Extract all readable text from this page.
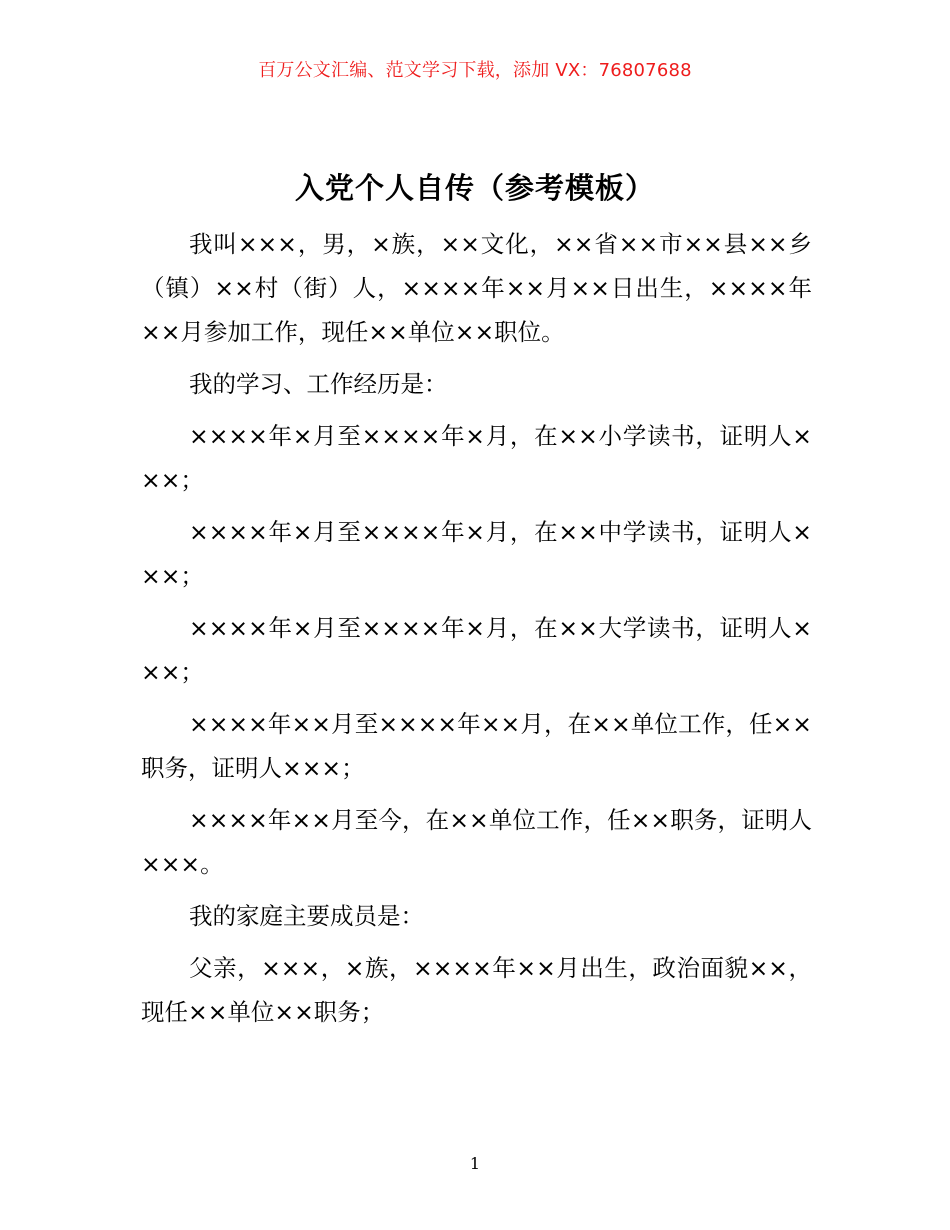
百万公文汇编、范文学习下载，添加 VX：76807688
入党个人自传（参考模板）

我叫×××，男，×族，××文化，××省××市××县××乡（镇）××村（街）人，××××年××月××日出生，××××年××月参加工作，现任××单位××职位。

我的学习、工作经历是：

××××年×月至××××年×月，在××小学读书，证明人×××；

××××年×月至××××年×月，在××中学读书，证明人×××；

××××年×月至××××年×月，在××大学读书，证明人×××；

××××年××月至××××年××月，在××单位工作，任××职务，证明人×××；

××××年××月至今，在××单位工作，任××职务，证明人×××。

我的家庭主要成员是：

父亲，×××，×族，××××年××月出生，政治面貌××，现任××单位××职务；

1
